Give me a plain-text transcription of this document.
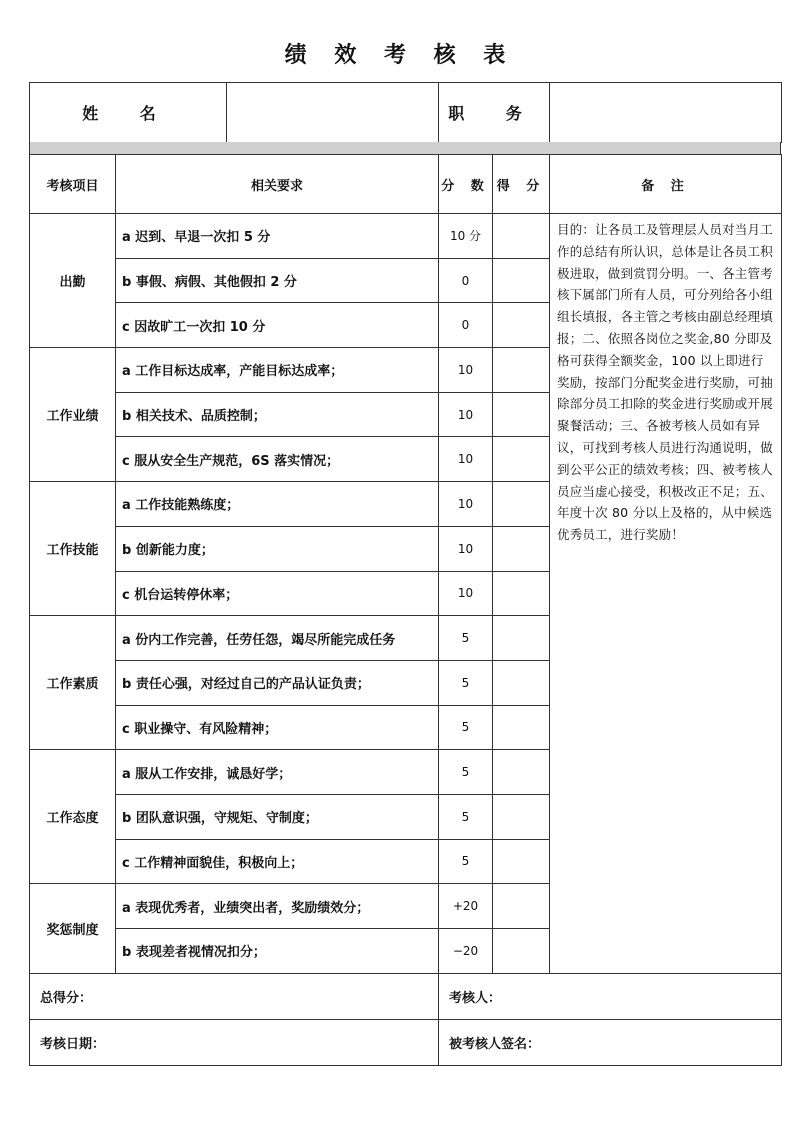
绩 效 考 核 表
姓 名		职 务	
考核项目	相关要求	分 数	得 分	备 注
出勤	a 迟到、早退一次扣 5 分	10 分		目的：让各员工及管理层人员对当月工作的总结有所认识，总体是让各员工积极进取，做到赏罚分明。一、各主管考核下属部门所有人员，可分列给各小组组长填报，各主管之考核由副总经理填报；二、依照各岗位之奖金,80 分即及格可获得全额奖金，100 以上即进行奖励，按部门分配奖金进行奖励，可抽除部分员工扣除的奖金进行奖励或开展聚餐活动；三、各被考核人员如有异议，可找到考核人员进行沟通说明，做到公平公正的绩效考核；四、被考核人员应当虚心接受，积极改正不足；五、年度十次 80 分以上及格的，从中候选优秀员工，进行奖励！
	b 事假、病假、其他假扣 2 分	0		
	c 因故旷工一次扣 10 分	0		
工作业绩	a 工作目标达成率，产能目标达成率；	10		
	b 相关技术、品质控制；	10		
	c 服从安全生产规范，6S 落实情况；	10		
工作技能	a 工作技能熟练度；	10		
	b 创新能力度；	10		
	c 机台运转停休率；	10		
工作素质	a 份内工作完善，任劳任怨，竭尽所能完成任务	5		
	b 责任心强，对经过自己的产品认证负责；	5		
	c 职业操守、有风险精神；	5		
工作态度	a 服从工作安排，诚恳好学；	5		
	b 团队意识强，守规矩、守制度；	5		
	c 工作精神面貌佳，积极向上；	5		
奖惩制度	a 表现优秀者，业绩突出者，奖励绩效分；	+20		
	b 表现差者视情况扣分；	−20		
总得分：	考核人：
考核日期：	被考核人签名：
